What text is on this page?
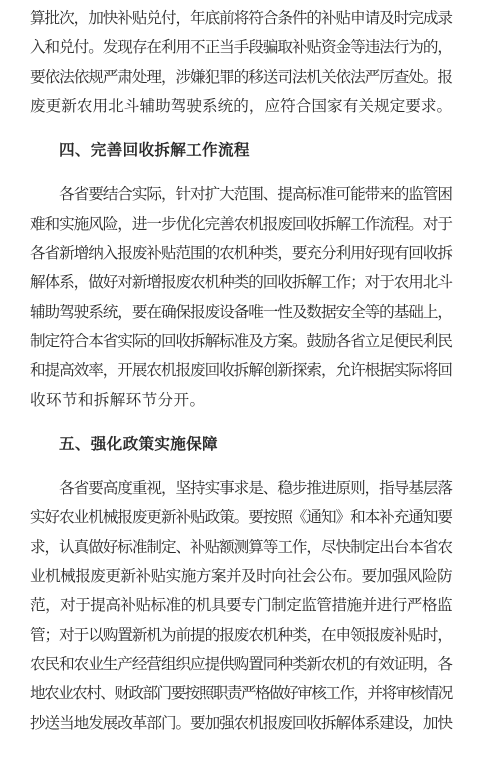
算批次，加快补贴兑付，年底前将符合条件的补贴申请及时完成录
入和兑付。发现存在利用不正当手段骗取补贴资金等违法行为的，
要依法依规严肃处理，涉嫌犯罪的移送司法机关依法严厉查处。报
废更新农用北斗辅助驾驶系统的，应符合国家有关规定要求。

四、完善回收拆解工作流程

　　各省要结合实际，针对扩大范围、提高标准可能带来的监管困
难和实施风险，进一步优化完善农机报废回收拆解工作流程。对于
各省新增纳入报废补贴范围的农机种类，要充分利用好现有回收拆
解体系，做好对新增报废农机种类的回收拆解工作；对于农用北斗
辅助驾驶系统，要在确保报废设备唯一性及数据安全等的基础上，
制定符合本省实际的回收拆解标准及方案。鼓励各省立足便民利民
和提高效率，开展农机报废回收拆解创新探索，允许根据实际将回
收环节和拆解环节分开。

五、强化政策实施保障

　　各省要高度重视，坚持实事求是、稳步推进原则，指导基层落
实好农业机械报废更新补贴政策。要按照《通知》和本补充通知要
求，认真做好标准制定、补贴额测算等工作，尽快制定出台本省农
业机械报废更新补贴实施方案并及时向社会公布。要加强风险防
范，对于提高补贴标准的机具要专门制定监管措施并进行严格监
管；对于以购置新机为前提的报废农机种类，在申领报废补贴时，
农民和农业生产经营组织应提供购置同种类新农机的有效证明，各
地农业农村、财政部门要按照职责严格做好审核工作，并将审核情况
抄送当地发展改革部门。要加强农机报废回收拆解体系建设，加快
